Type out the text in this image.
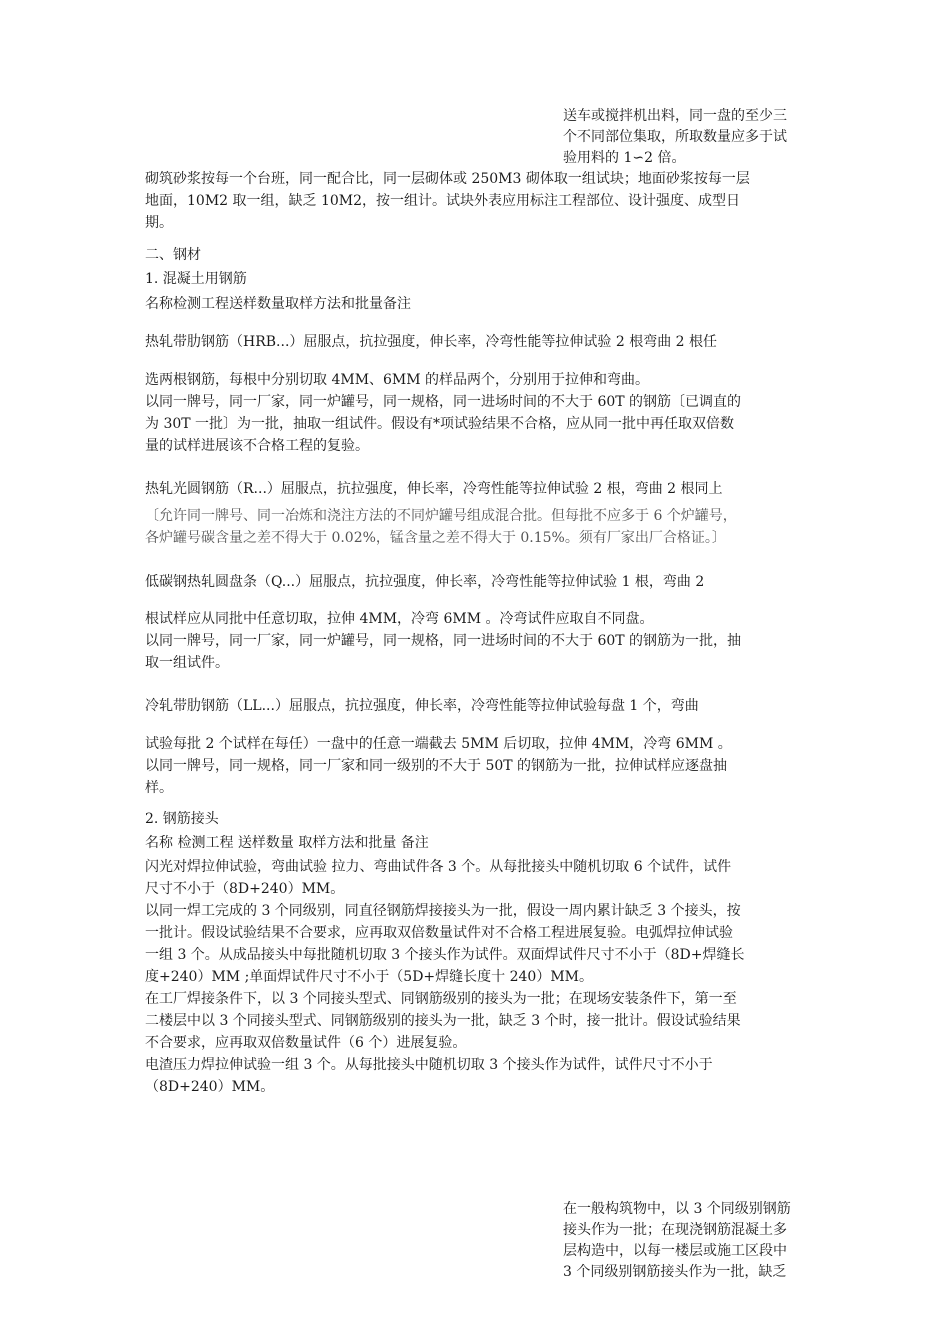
送车或搅拌机出料，同一盘的至少三
个不同部位集取，所取数量应多于试
验用料的 1∽2 倍。

砌筑砂浆按每一个台班，同一配合比，同一层砌体或 250M3 砌体取一组试块；地面砂浆按每一层
地面，10M2 取一组，缺乏 10M2，按一组计。试块外表应用标注工程部位、设计强度、成型日
期。

二、钢材

1. 混凝土用钢筋

名称检测工程送样数量取样方法和批量备注

热轧带肋钢筋（HRB...）屈服点，抗拉强度，伸长率，冷弯性能等拉伸试验 2 根弯曲 2 根任

选两根钢筋，每根中分别切取 4MM、6MM 的样品两个，分别用于拉伸和弯曲。
以同一牌号，同一厂家，同一炉罐号，同一规格，同一进场时间的不大于 60T 的钢筋〔已调直的
为 30T 一批〕为一批，抽取一组试件。假设有*项试验结果不合格，应从同一批中再任取双倍数
量的试样进展该不合格工程的复验。

热轧光圆钢筋（R...）屈服点，抗拉强度，伸长率，冷弯性能等拉伸试验 2 根，弯曲 2 根同上

〔允许同一牌号、同一冶炼和浇注方法的不同炉罐号组成混合批。但每批不应多于 6 个炉罐号，
各炉罐号碳含量之差不得大于 0.02%，锰含量之差不得大于 0.15%。须有厂家出厂合格证。〕

低碳钢热轧圆盘条（Q...）屈服点，抗拉强度，伸长率，冷弯性能等拉伸试验 1 根，弯曲 2

根试样应从同批中任意切取，拉伸 4MM，冷弯 6MM 。冷弯试件应取自不同盘。
以同一牌号，同一厂家，同一炉罐号，同一规格，同一进场时间的不大于 60T 的钢筋为一批，抽
取一组试件。

冷轧带肋钢筋（LL...）屈服点，抗拉强度，伸长率，冷弯性能等拉伸试验每盘 1 个，弯曲

试验每批 2 个试样在每任）一盘中的任意一端截去 5MM 后切取，拉伸 4MM，冷弯 6MM 。
以同一牌号，同一规格，同一厂家和同一级别的不大于 50T 的钢筋为一批，拉伸试样应逐盘抽
样。

2. 钢筋接头

名称 检测工程 送样数量 取样方法和批量 备注

闪光对焊拉伸试验，弯曲试验 拉力、弯曲试件各 3 个。从每批接头中随机切取 6 个试件，试件
尺寸不小于（8D+240）MM。
以同一焊工完成的 3 个同级别，同直径钢筋焊接接头为一批，假设一周内累计缺乏 3 个接头，按
一批计。假设试验结果不合要求，应再取双倍数量试件对不合格工程进展复验。电弧焊拉伸试验
一组 3 个。从成品接头中每批随机切取 3 个接头作为试件。双面焊试件尺寸不小于（8D+焊缝长
度+240）MM ;单面焊试件尺寸不小于（5D+焊缝长度十 240）MM。
在工厂焊接条件下，以 3 个同接头型式、同钢筋级别的接头为一批；在现场安装条件下，第一至
二楼层中以 3 个同接头型式、同钢筋级别的接头为一批，缺乏 3 个时，接一批计。假设试验结果
不合要求，应再取双倍数量试件（6 个）进展复验。
电渣压力焊拉伸试验一组 3 个。从每批接头中随机切取 3 个接头作为试件，试件尺寸不小于
（8D+240）MM。

在一般构筑物中，以 3 个同级别钢筋
接头作为一批；在现浇钢筋混凝土多
层构造中，以每一楼层或施工区段中
3 个同级别钢筋接头作为一批，缺乏
